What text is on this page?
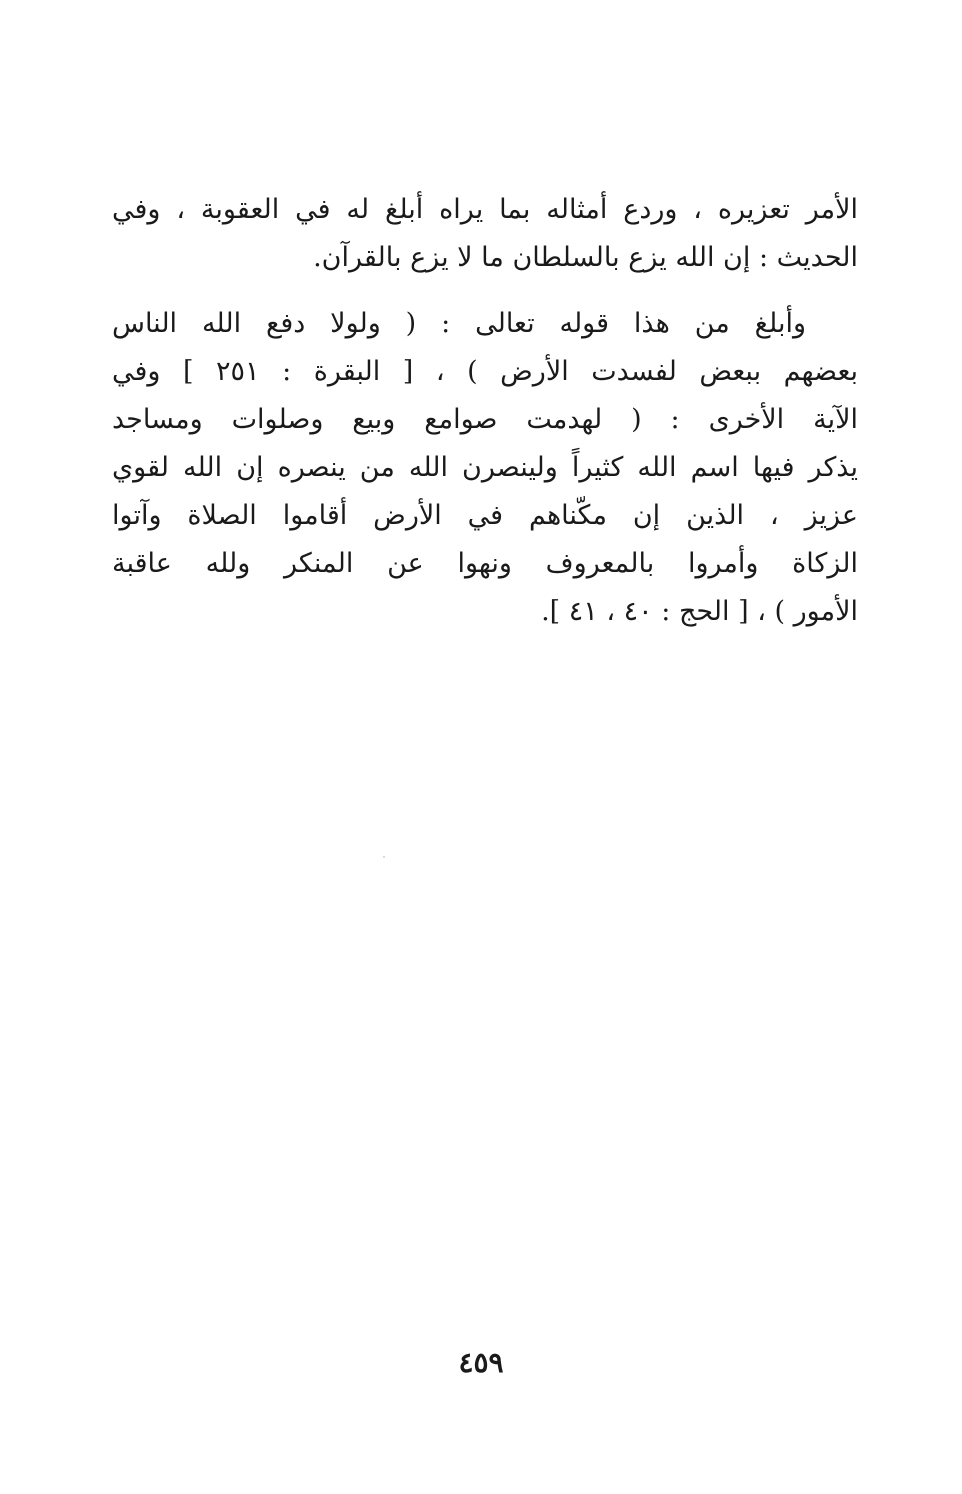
الأمر تعزيره ، وردع أمثاله بما يراه أبلغ له في العقوبة ، وفي
الحديث : إن الله يزع بالسلطان ما لا يزع بالقرآن.
وأبلغ من هذا قوله تعالى : ( ولولا دفع الله الناس
بعضهم ببعض لفسدت الأرض ) ، [ البقرة : ٢٥١ ] وفي
الآية الأخرى : ( لهدمت صوامع وبيع وصلوات ومساجد
يذكر فيها اسم الله كثيراً ولينصرن الله من ينصره إن الله لقوي
عزيز ، الذين إن مكّناهم في الأرض أقاموا الصلاة وآتوا
الزكاة وأمروا بالمعروف ونهوا عن المنكر ولله عاقبة
الأمور ) ، [ الحج : ٤٠ ، ٤١ ].
٤٥٩
